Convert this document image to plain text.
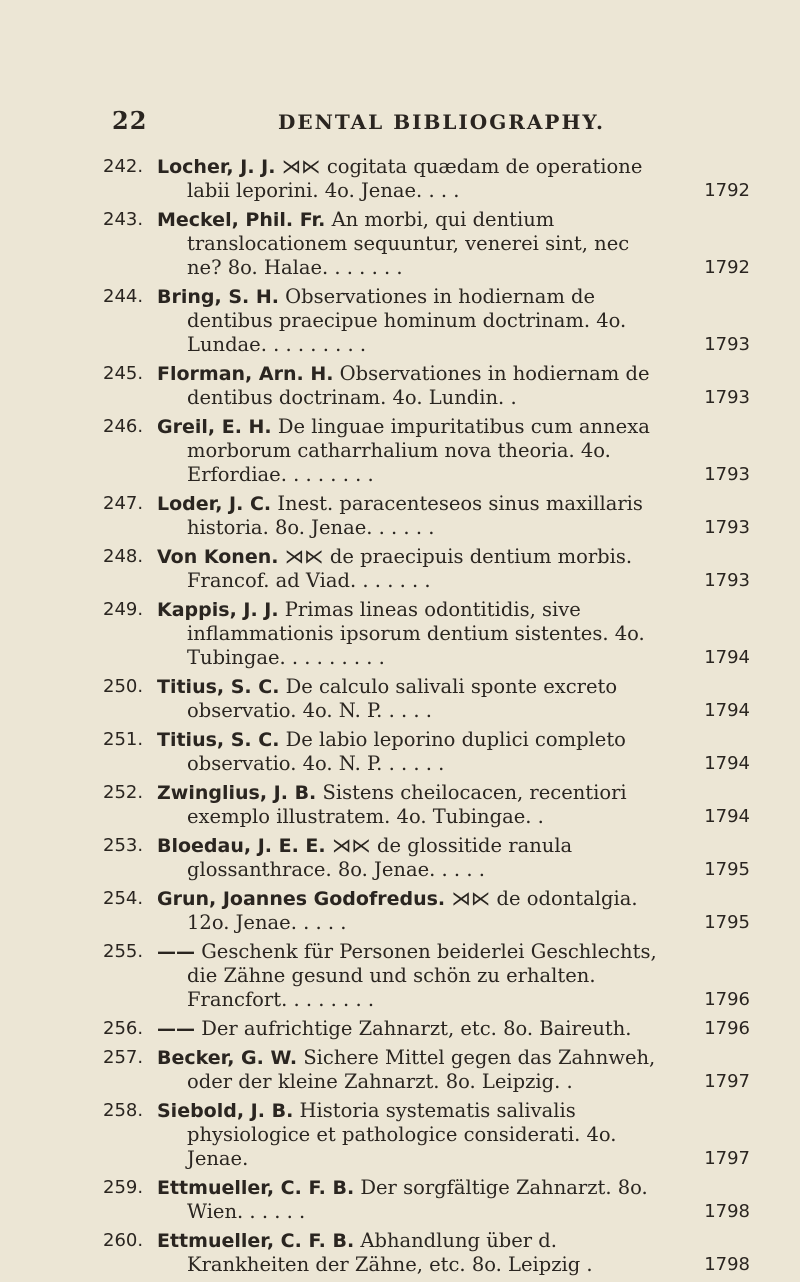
22	DENTAL BIBLIOGRAPHY.
242. Locher, J. J. ⋊⋉ cogitata quædam de operatione labii leporini. 4o. Jenae. . . .	1792
243. Meckel, Phil. Fr. An morbi, qui dentium translocationem sequuntur, venerei sint, nec ne? 8o. Halae. . . . . . .	1792
244. Bring, S. H. Observationes in hodiernam de dentibus praecipue hominum doctrinam. 4o. Lundae. . . . . . . . .	1793
245. Florman, Arn. H. Observationes in hodiernam de dentibus doctrinam. 4o. Lundin. .	1793
246. Greil, E. H. De linguae impuritatibus cum annexa morborum catharrhalium nova theoria. 4o. Erfordiae. . . . . . . .	1793
247. Loder, J. C. Inest. paracenteseos sinus maxillaris historia. 8o. Jenae. . . . . .	1793
248. Von Konen. ⋊⋉ de praecipuis dentium morbis. Francof. ad Viad. . . . . . .	1793
249. Kappis, J. J. Primas lineas odontitidis, sive inflammationis ipsorum dentium sistentes. 4o. Tubingae. . . . . . . . .	1794
250. Titius, S. C. De calculo salivali sponte excreto observatio. 4o. N. P. . . . .	1794
251. Titius, S. C. De labio leporino duplici completo observatio. 4o. N. P. . . . . .	1794
252. Zwinglius, J. B. Sistens cheilocacen, recentiori exemplo illustratem. 4o. Tubingae. .	1794
253. Bloedau, J. E. E. ⋊⋉ de glossitide ranula glossanthrace. 8o. Jenae. . . . .	1795
254. Grun, Joannes Godofredus. ⋊⋉ de odontalgia. 12o. Jenae. . . . .	1795
255. —— Geschenk für Personen beiderlei Geschlechts, die Zähne gesund und schön zu erhalten. Francfort. . . . . . . .	1796
256. —— Der aufrichtige Zahnarzt, etc. 8o. Baireuth.	1796
257. Becker, G. W. Sichere Mittel gegen das Zahnweh, oder der kleine Zahnarzt. 8o. Leipzig. .	1797
258. Siebold, J. B. Historia systematis salivalis physiologice et pathologice considerati. 4o. Jenae.	1797
259. Ettmueller, C. F. B. Der sorgfältige Zahnarzt. 8o. Wien. . . . . .	1798
260. Ettmueller, C. F. B. Abhandlung über d. Krankheiten der Zähne, etc. 8o. Leipzig .	1798
